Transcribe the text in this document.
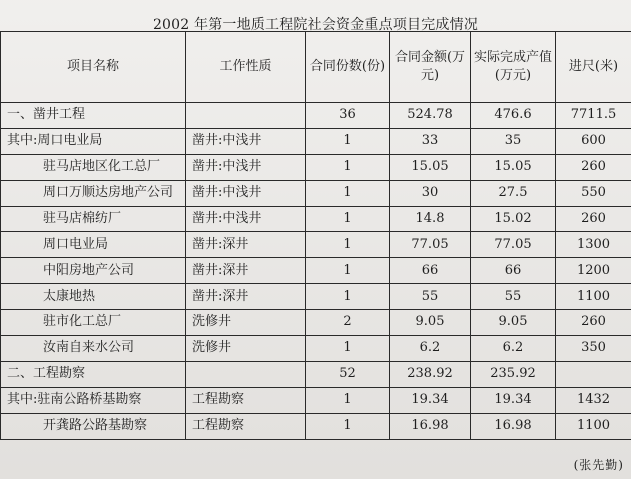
2002 年第一地质工程院社会资金重点项目完成情况
项目名称	工作性质	合同份数(份)	合同金额(万元)	实际完成产值(万元)	进尺(米)
一、凿井工程		36	524.78	476.6	7711.5
其中:周口电业局	凿井:中浅井	1	33	35	600
驻马店地区化工总厂	凿井:中浅井	1	15.05	15.05	260
周口万顺达房地产公司	凿井:中浅井	1	30	27.5	550
驻马店棉纺厂	凿井:中浅井	1	14.8	15.02	260
周口电业局	凿井:深井	1	77.05	77.05	1300
中阳房地产公司	凿井:深井	1	66	66	1200
太康地热	凿井:深井	1	55	55	1100
驻市化工总厂	洗修井	2	9.05	9.05	260
汝南自来水公司	洗修井	1	6.2	6.2	350
二、工程勘察		52	238.92	235.92	
其中:驻南公路桥基勘察	工程勘察	1	19.34	19.34	1432
开龚路公路基勘察	工程勘察	1	16.98	16.98	1100
(张先勤)
